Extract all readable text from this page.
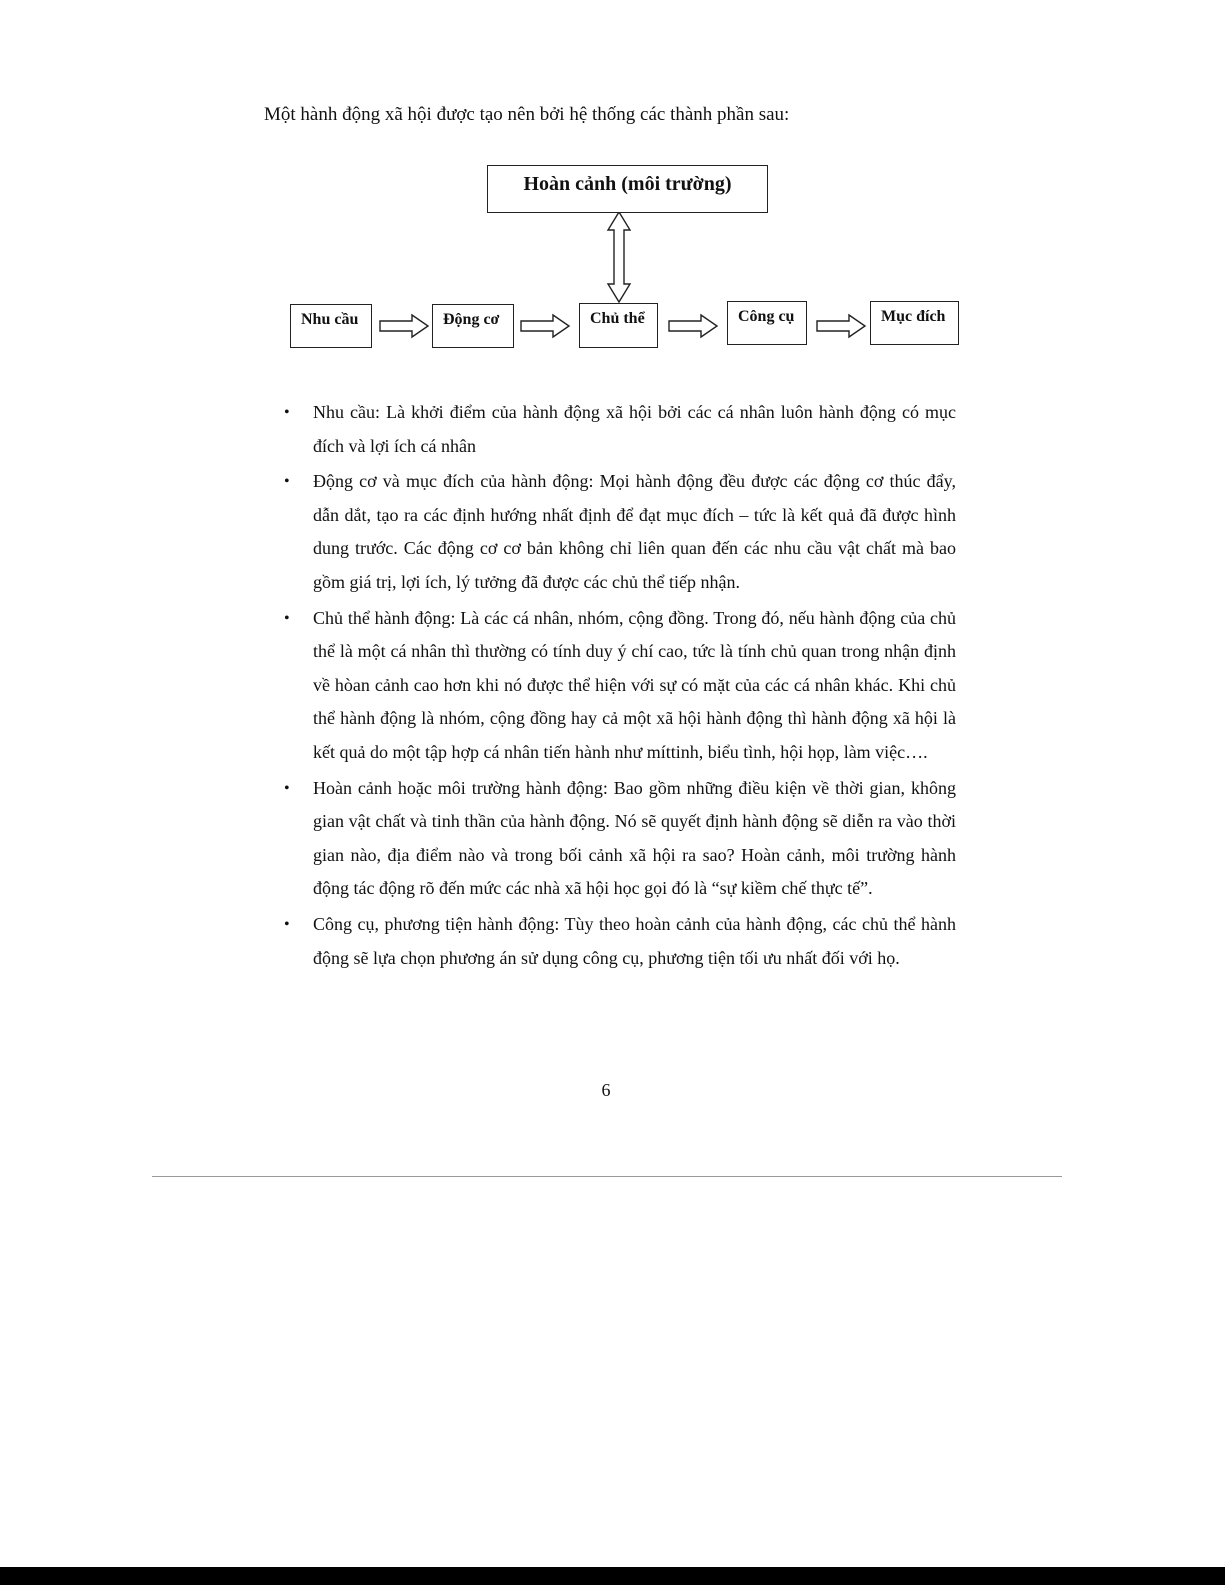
Một hành động xã hội được tạo nên bởi hệ thống các thành phần sau:

Hoàn cảnh (môi trường)
Nhu cầu	Động cơ	Chủ thể	Công cụ	Mục đích
• Nhu cầu: Là khởi điểm của hành động xã hội bởi các cá nhân luôn hành động có mục đích và lợi ích cá nhân
• Động cơ và mục đích của hành động: Mọi hành động đều được các động cơ thúc đẩy, dẫn dắt, tạo ra các định hướng nhất định để đạt mục đích – tức là kết quả đã được hình dung trước. Các động cơ cơ bản không chỉ liên quan đến các nhu cầu vật chất mà bao gồm giá trị, lợi ích, lý tưởng đã được các chủ thể tiếp nhận.
• Chủ thể hành động: Là các cá nhân, nhóm, cộng đồng. Trong đó, nếu hành động của chủ thể là một cá nhân thì thường có tính duy ý chí cao, tức là tính chủ quan trong nhận định về hòan cảnh cao hơn khi nó được thể hiện với sự có mặt của các cá nhân khác. Khi chủ thể hành động là nhóm, cộng đồng hay cả một xã hội hành động thì hành động xã hội là kết quả do một tập hợp cá nhân tiến hành như míttinh, biểu tình, hội họp, làm việc….
• Hoàn cảnh hoặc môi trường hành động: Bao gồm những điều kiện về thời gian, không gian vật chất và tinh thần của hành động. Nó sẽ quyết định hành động sẽ diễn ra vào thời gian nào, địa điểm nào và trong bối cảnh xã hội ra sao? Hoàn cảnh, môi trường hành động tác động rõ đến mức các nhà xã hội học gọi đó là “sự kiềm chế thực tế”.
• Công cụ, phương tiện hành động: Tùy theo hoàn cảnh của hành động, các chủ thể hành động sẽ lựa chọn phương án sử dụng công cụ, phương tiện tối ưu nhất đối với họ.
6
